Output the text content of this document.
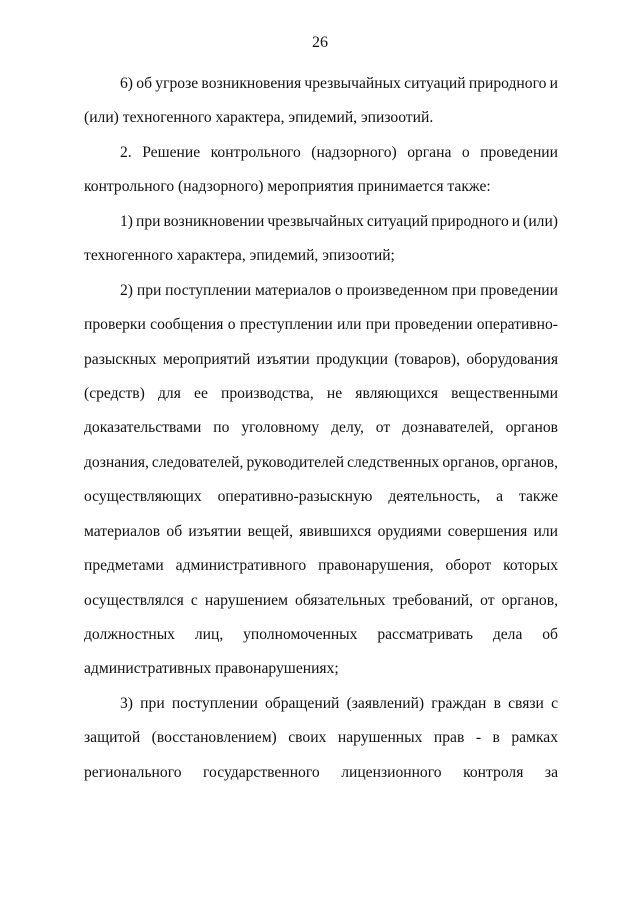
26
6) об угрозе возникновения чрезвычайных ситуаций природного и
(или) техногенного характера, эпидемий, эпизоотий.
2. Решение контрольного (надзорного) органа о проведении
контрольного (надзорного) мероприятия принимается также:
1) при возникновении чрезвычайных ситуаций природного и (или)
техногенного характера, эпидемий, эпизоотий;
2) при поступлении материалов о произведенном при проведении
проверки сообщения о преступлении или при проведении оперативно-
разыскных мероприятий изъятии продукции (товаров), оборудования
(средств) для ее производства, не являющихся вещественными
доказательствами по уголовному делу, от дознавателей, органов
дознания, следователей, руководителей следственных органов, органов,
осуществляющих оперативно-разыскную деятельность, а также
материалов об изъятии вещей, явившихся орудиями совершения или
предметами административного правонарушения, оборот которых
осуществлялся с нарушением обязательных требований, от органов,
должностных лиц, уполномоченных рассматривать дела об
административных правонарушениях;
3) при поступлении обращений (заявлений) граждан в связи с
защитой (восстановлением) своих нарушенных прав - в рамках
регионального государственного лицензионного контроля за
